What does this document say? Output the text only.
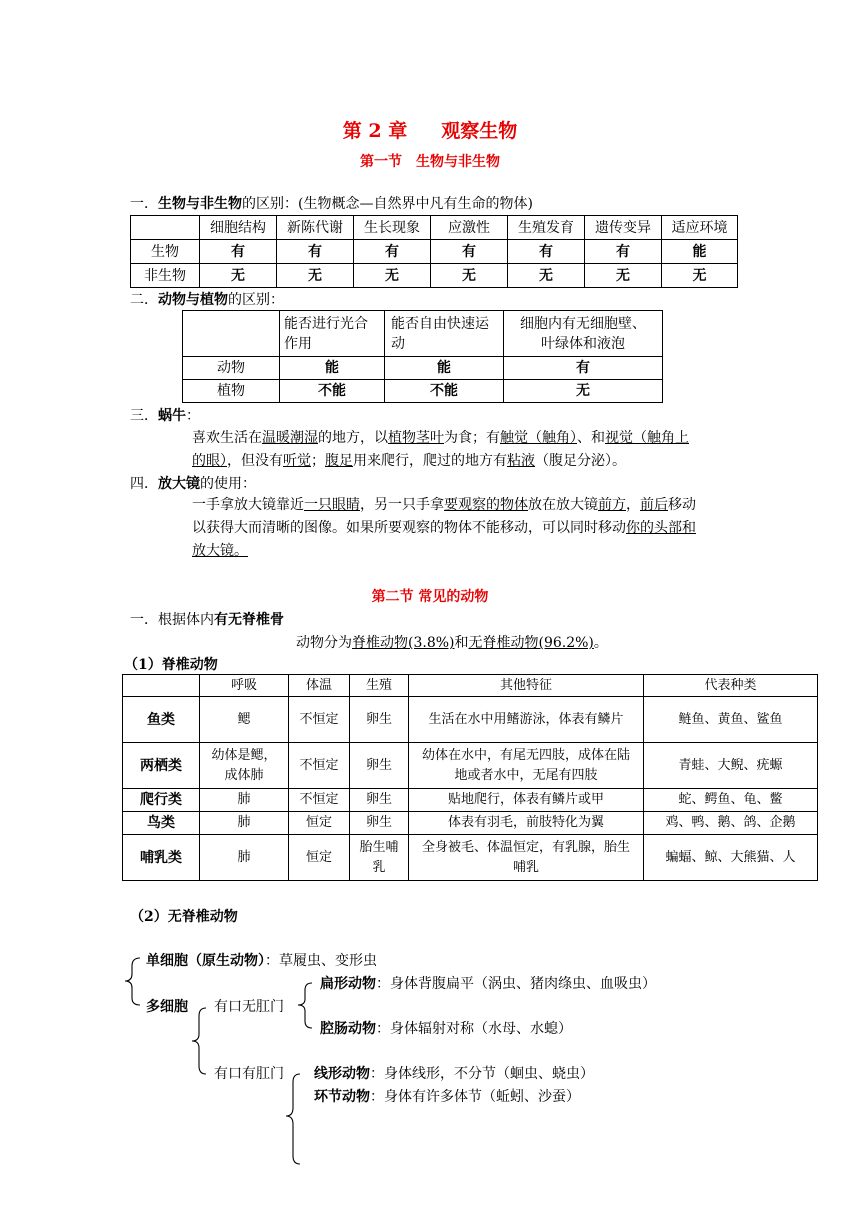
第 2 章 观察生物
第一节　生物与非生物
一．生物与非生物的区别：(生物概念—自然界中凡有生命的物体)
	细胞结构	新陈代谢	生长现象	应激性	生殖发育	遗传变异	适应环境
生物	有	有	有	有	有	有	能
非生物	无	无	无	无	无	无	无
二．动物与植物的区别：
	能否进行光合作用	能否自由快速运动	细胞内有无细胞壁、叶绿体和液泡
动物	能	能	有
植物	不能	不能	无
三．蜗牛：
喜欢生活在温暖潮湿的地方，以植物茎叶为食；有触觉（触角）、和视觉（触角上
的眼），但没有听觉；腹足用来爬行，爬过的地方有粘液（腹足分泌）。
四．放大镜的使用：
一手拿放大镜靠近一只眼睛，另一只手拿要观察的物体放在放大镜前方，前后移动
以获得大而清晰的图像。如果所要观察的物体不能移动，可以同时移动你的头部和
放大镜。
第二节 常见的动物
一．根据体内有无脊椎骨
动物分为脊椎动物(3.8%)和无脊椎动物(96.2%)。
（1）脊椎动物
	呼吸	体温	生殖	其他特征	代表种类
鱼类	鳃	不恒定	卵生	生活在水中用鳍游泳，体表有鳞片	鲢鱼、黄鱼、鲨鱼
两栖类	幼体是鳃，成体肺	不恒定	卵生	幼体在水中，有尾无四肢，成体在陆地或者水中，无尾有四肢	青蛙、大鲵、疣螈
爬行类	肺	不恒定	卵生	贴地爬行，体表有鳞片或甲	蛇、鳄鱼、龟、鳖
鸟类	肺	恒定	卵生	体表有羽毛，前肢特化为翼	鸡、鸭、鹅、鸽、企鹅
哺乳类	肺	恒定	胎生哺乳	全身被毛、体温恒定，有乳腺，胎生哺乳	蝙蝠、鲸、大熊猫、人
（2）无脊椎动物
单细胞（原生动物）：草履虫、变形虫
多细胞 有口无肛门
扁形动物：身体背腹扁平（涡虫、猪肉绦虫、血吸虫）
腔肠动物：身体辐射对称（水母、水螅）
有口有肛门 线形动物：身体线形，不分节（蛔虫、蛲虫）
环节动物：身体有许多体节（蚯蚓、沙蚕）
